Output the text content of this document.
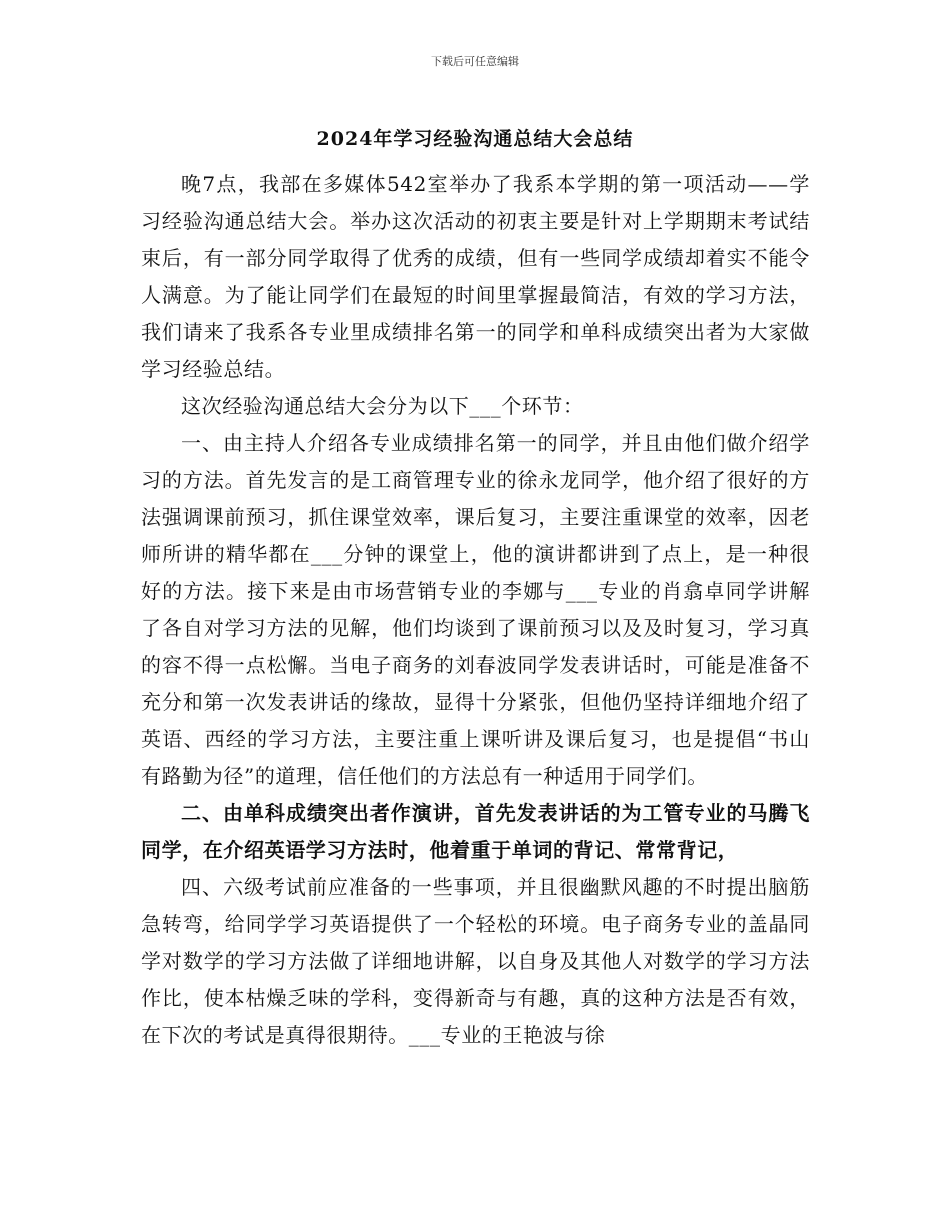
下载后可任意编辑
2024年学习经验沟通总结大会总结

晚7点，我部在多媒体542室举办了我系本学期的第一项活动——学习经验沟通总结大会。举办这次活动的初衷主要是针对上学期期末考试结束后，有一部分同学取得了优秀的成绩，但有一些同学成绩却着实不能令人满意。为了能让同学们在最短的时间里掌握最简洁，有效的学习方法，我们请来了我系各专业里成绩排名第一的同学和单科成绩突出者为大家做学习经验总结。

这次经验沟通总结大会分为以下___个环节：

一、由主持人介绍各专业成绩排名第一的同学，并且由他们做介绍学习的方法。首先发言的是工商管理专业的徐永龙同学，他介绍了很好的方法强调课前预习，抓住课堂效率，课后复习，主要注重课堂的效率，因老师所讲的精华都在___分钟的课堂上，他的演讲都讲到了点上，是一种很好的方法。接下来是由市场营销专业的李娜与___专业的肖翕卓同学讲解了各自对学习方法的见解，他们均谈到了课前预习以及及时复习，学习真的容不得一点松懈。当电子商务的刘春波同学发表讲话时，可能是准备不充分和第一次发表讲话的缘故，显得十分紧张，但他仍坚持详细地介绍了英语、西经的学习方法，主要注重上课听讲及课后复习，也是提倡“书山有路勤为径”的道理，信任他们的方法总有一种适用于同学们。

二、由单科成绩突出者作演讲，首先发表讲话的为工管专业的马腾飞同学，在介绍英语学习方法时，他着重于单词的背记、常常背记，

四、六级考试前应准备的一些事项，并且很幽默风趣的不时提出脑筋急转弯，给同学学习英语提供了一个轻松的环境。电子商务专业的盖晶同学对数学的学习方法做了详细地讲解，以自身及其他人对数学的学习方法作比，使本枯燥乏味的学科，变得新奇与有趣，真的这种方法是否有效，在下次的考试是真得很期待。___专业的王艳波与徐
